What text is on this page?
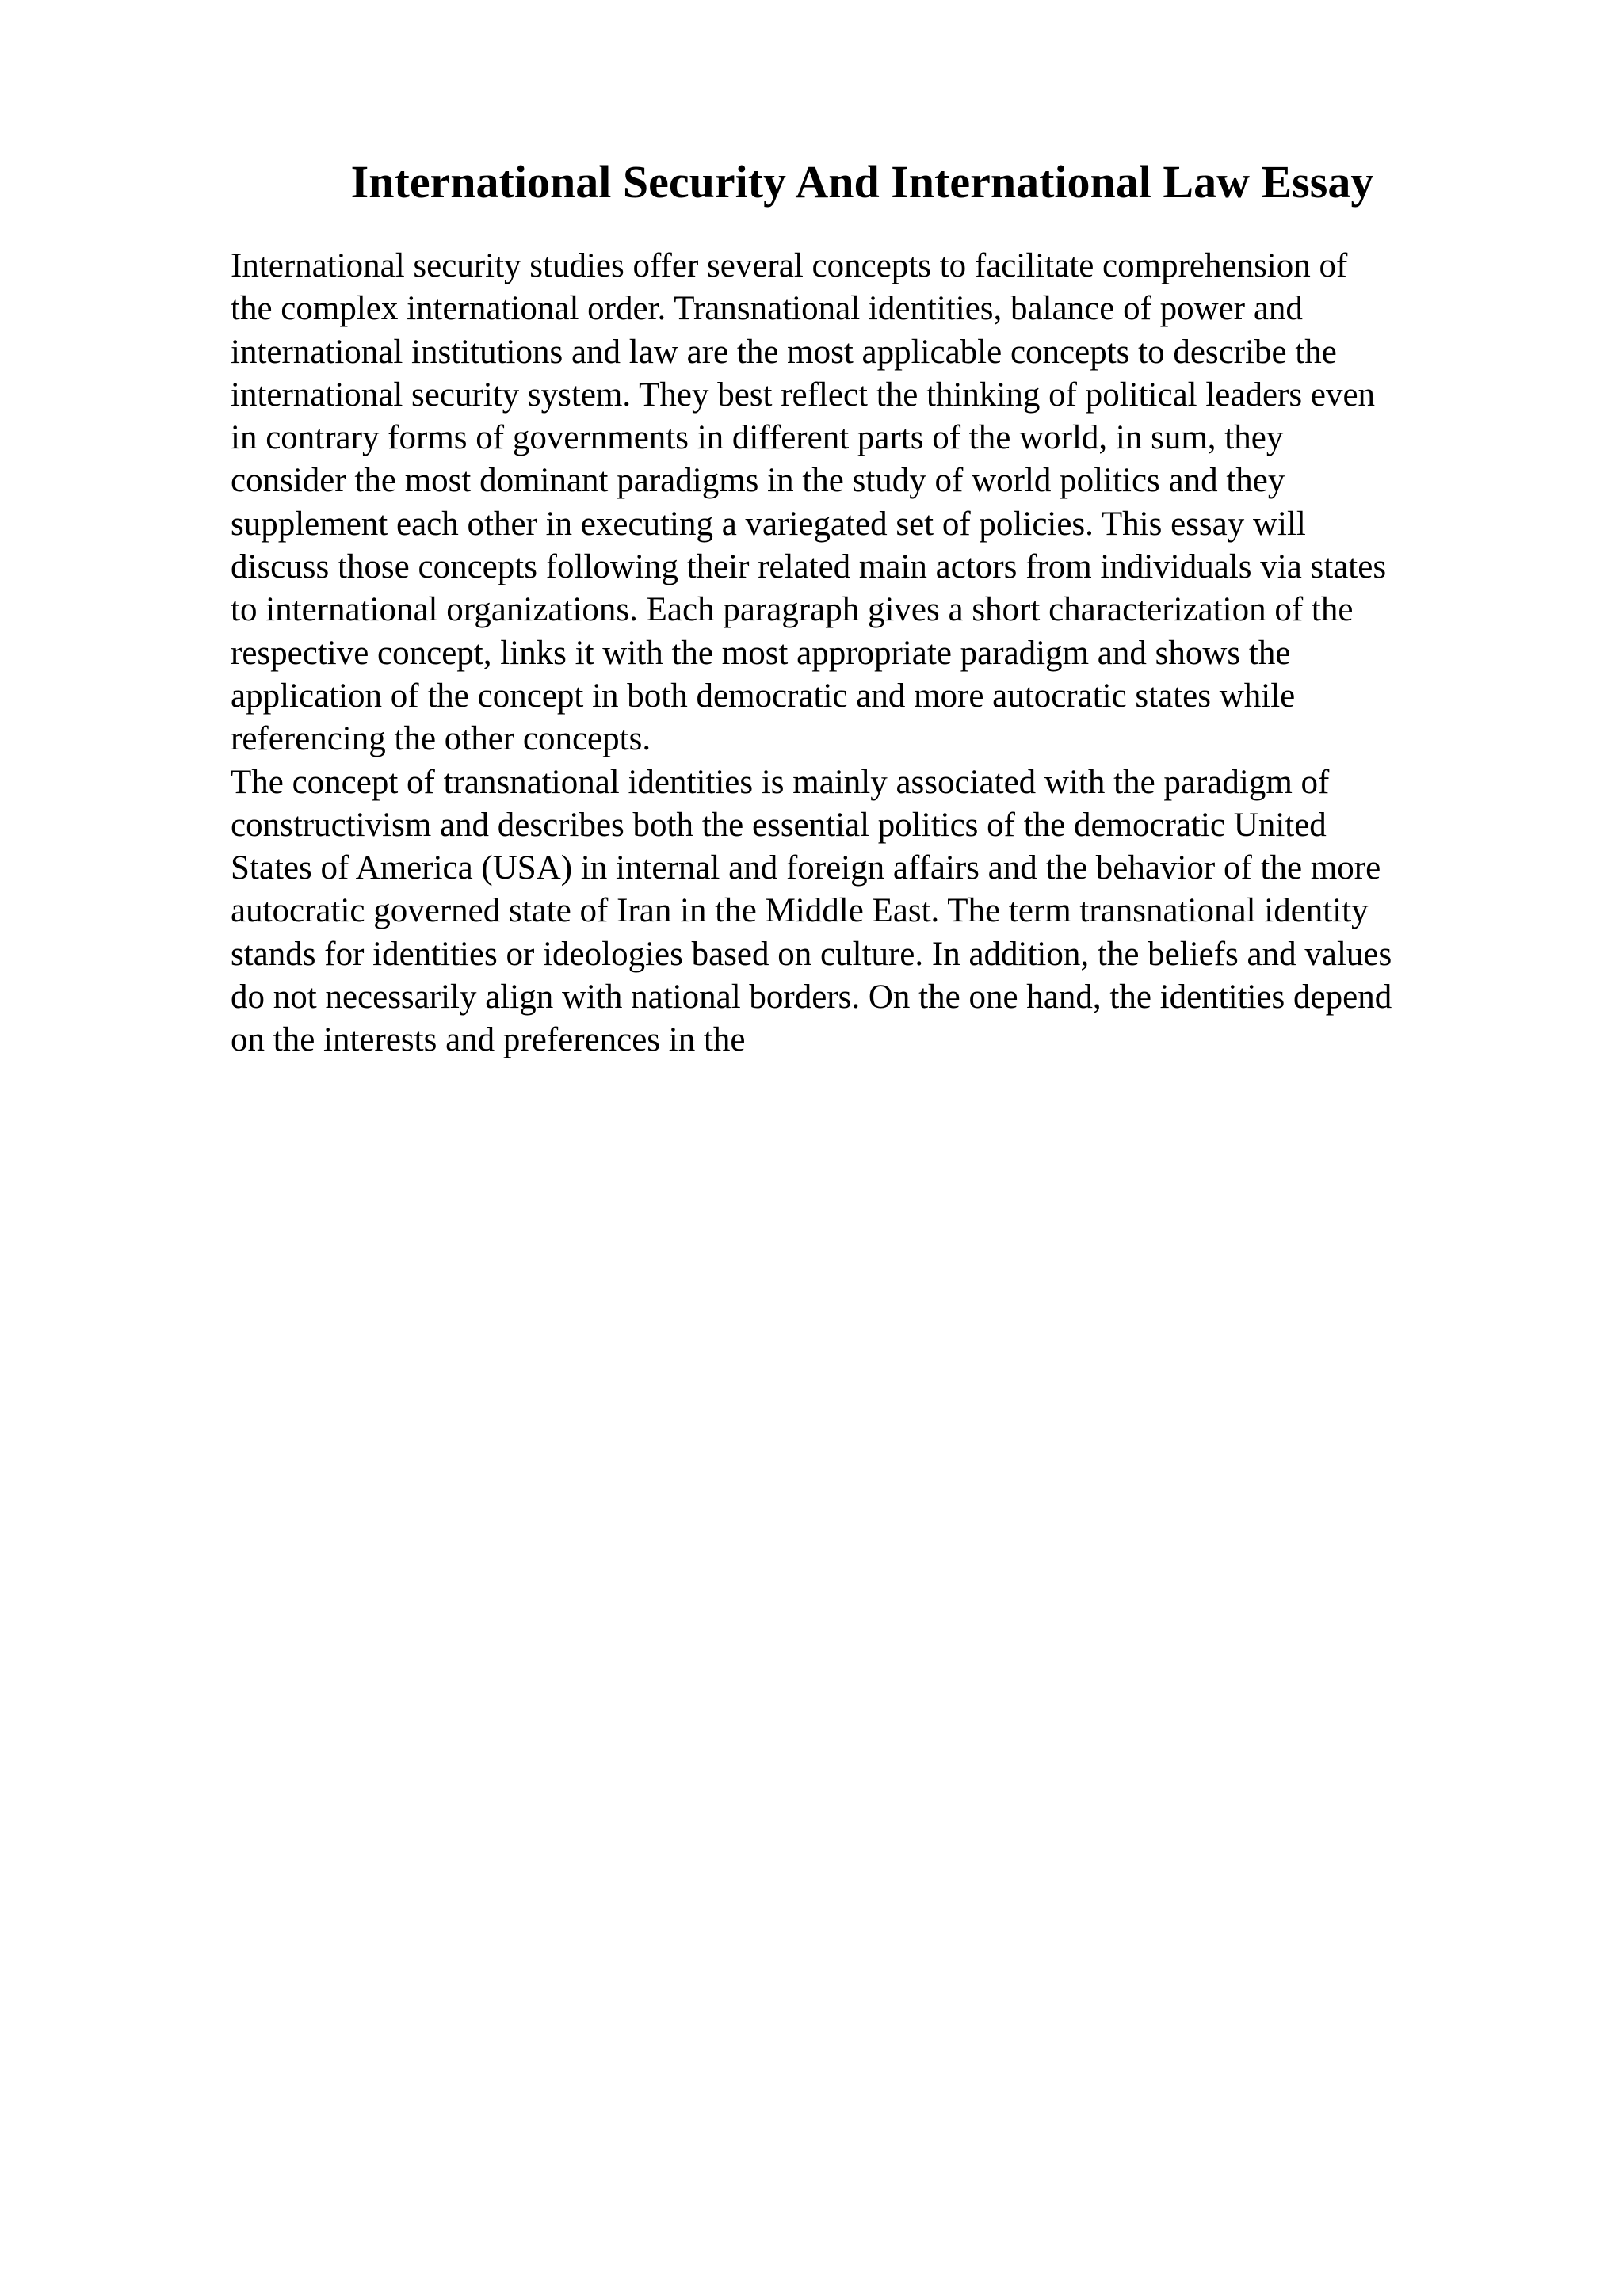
International Security And International Law Essay
International security studies offer several concepts to facilitate comprehension of
the complex international order. Transnational identities, balance of power and
international institutions and law are the most applicable concepts to describe the
international security system. They best reflect the thinking of political leaders even
in contrary forms of governments in different parts of the world, in sum, they
consider the most dominant paradigms in the study of world politics and they
supplement each other in executing a variegated set of policies. This essay will
discuss those concepts following their related main actors from individuals via states
to international organizations. Each paragraph gives a short characterization of the
respective concept, links it with the most appropriate paradigm and shows the
application of the concept in both democratic and more autocratic states while
referencing the other concepts.
The concept of transnational identities is mainly associated with the paradigm of
constructivism and describes both the essential politics of the democratic United
States of America (USA) in internal and foreign affairs and the behavior of the more
autocratic governed state of Iran in the Middle East. The term transnational identity
stands for identities or ideologies based on culture. In addition, the beliefs and values
do not necessarily align with national borders. On the one hand, the identities depend
on the interests and preferences in the
